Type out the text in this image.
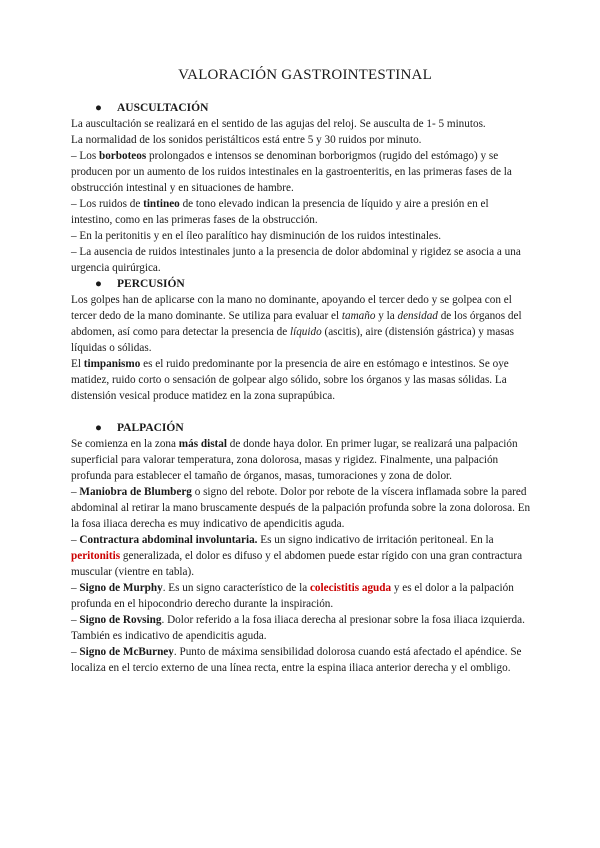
VALORACIÓN GASTROINTESTINAL
● AUSCULTACIÓN

La auscultación se realizará en el sentido de las agujas del reloj. Se ausculta de 1- 5 minutos.

La normalidad de los sonidos peristálticos está entre 5 y 30 ruidos por minuto.

– Los borboteos prolongados e intensos se denominan borborigmos (rugido del estómago) y se producen por un aumento de los ruidos intestinales en la gastroenteritis, en las primeras fases de la obstrucción intestinal y en situaciones de hambre.

– Los ruidos de tintineo de tono elevado indican la presencia de líquido y aire a presión en el intestino, como en las primeras fases de la obstrucción.

– En la peritonitis y en el íleo paralítico hay disminución de los ruidos intestinales.

– La ausencia de ruidos intestinales junto a la presencia de dolor abdominal y rigidez se asocia a una urgencia quirúrgica.

● PERCUSIÓN

Los golpes han de aplicarse con la mano no dominante, apoyando el tercer dedo y se golpea con el tercer dedo de la mano dominante. Se utiliza para evaluar el tamaño y la densidad de los órganos del abdomen, así como para detectar la presencia de líquido (ascitis), aire (distensión gástrica) y masas líquidas o sólidas.

El timpanismo es el ruido predominante por la presencia de aire en estómago e intestinos. Se oye matidez, ruido corto o sensación de golpear algo sólido, sobre los órganos y las masas sólidas. La distensión vesical produce matidez en la zona suprapúbica.

● PALPACIÓN

Se comienza en la zona más distal de donde haya dolor. En primer lugar, se realizará una palpación superficial para valorar temperatura, zona dolorosa, masas y rigidez. Finalmente, una palpación profunda para establecer el tamaño de órganos, masas, tumoraciones y zona de dolor.

– Maniobra de Blumberg o signo del rebote. Dolor por rebote de la víscera inflamada sobre la pared abdominal al retirar la mano bruscamente después de la palpación profunda sobre la zona dolorosa. En la fosa iliaca derecha es muy indicativo de apendicitis aguda.

– Contractura abdominal involuntaria. Es un signo indicativo de irritación peritoneal. En la peritonitis generalizada, el dolor es difuso y el abdomen puede estar rígido con una gran contractura muscular (vientre en tabla).

– Signo de Murphy. Es un signo característico de la colecistitis aguda y es el dolor a la palpación profunda en el hipocondrio derecho durante la inspiración.

– Signo de Rovsing. Dolor referido a la fosa iliaca derecha al presionar sobre la fosa iliaca izquierda. También es indicativo de apendicitis aguda.

– Signo de McBurney. Punto de máxima sensibilidad dolorosa cuando está afectado el apéndice. Se localiza en el tercio externo de una línea recta, entre la espina iliaca anterior derecha y el ombligo.
